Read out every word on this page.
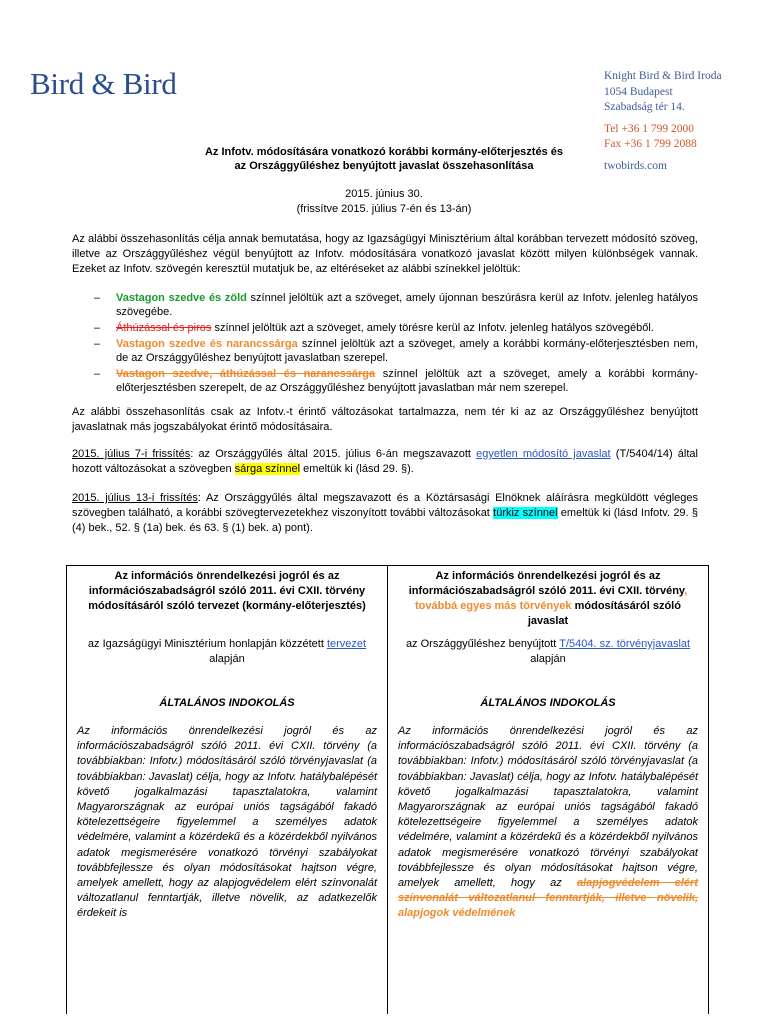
Bird & Bird	Knight Bird & Bird Iroda
1054 Budapest
Szabadság tér 14.
Tel +36 1 799 2000
Fax +36 1 799 2088
twobirds.com
Az Infotv. módosítására vonatkozó korábbi kormány-előterjesztés és
az Országgyűléshez benyújtott javaslat összehasonlítása
2015. június 30.
(frissítve 2015. július 7-én és 13-án)
Az alábbi összehasonlítás célja annak bemutatása, hogy az Igazságügyi Minisztérium által korábban tervezett módosító szöveg, illetve az Országgyűléshez végül benyújtott az Infotv. módosítására vonatkozó javaslat között milyen különbségek vannak. Ezeket az Infotv. szövegén keresztül mutatjuk be, az eltéréseket az alábbi színekkel jelöltük:
– Vastagon szedve és zöld színnel jelöltük azt a szöveget, amely újonnan beszúrásra kerül az Infotv. jelenleg hatályos szövegébe.
– Áthúzással és piros színnel jelöltük azt a szöveget, amely törésre kerül az Infotv. jelenleg hatályos szövegéből.
– Vastagon szedve és narancssárga színnel jelöltük azt a szöveget, amely a korábbi kormány-előterjesztésben nem, de az Országgyűléshez benyújtott javaslatban szerepel.
– Vastagon szedve, áthúzással és narancssárga színnel jelöltük azt a szöveget, amely a korábbi kormány-előterjesztésben szerepelt, de az Országgyűléshez benyújtott javaslatban már nem szerepel.
Az alábbi összehasonlítás csak az Infotv.-t érintő változásokat tartalmazza, nem tér ki az az Országgyűléshez benyújtott javaslatnak más jogszabályokat érintő módosításaira.
2015. július 7-i frissítés: az Országgyűlés által 2015. július 6-án megszavazott egyetlen módosító javaslat (T/5404/14) által hozott változásokat a szövegben sárga színnel emeltük ki (lásd 29. §).
2015. július 13-i frissítés: Az Országgyűlés által megszavazott és a Köztársasági Elnöknek aláírásra megküldött végleges szövegben található, a korábbi szövegtervezetekhez viszonyított további változásokat türkiz színnel emeltük ki (lásd Infotv. 29. § (4) bek., 52. § (1a) bek. és 63. § (1) bek. a) pont).
Az információs önrendelkezési jogról és az információszabadságról szóló 2011. évi CXII. törvény módosításáról szóló tervezet (kormány-előterjesztés)
az Igazságügyi Minisztérium honlapján közzétett tervezet
alapján
ÁLTALÁNOS INDOKOLÁS
Az információs önrendelkezési jogról és az információszabadságról szóló 2011. évi CXII. törvény (a továbbiakban: Infotv.) módosításáról szóló törvényjavaslat (a továbbiakban: Javaslat) célja, hogy az Infotv. hatálybalépését követő jogalkalmazási tapasztalatokra, valamint Magyarországnak az európai uniós tagságából fakadó kötelezettségeire figyelemmel a személyes adatok védelmére, valamint a közérdekű és a közérdekből nyilvános adatok megismerésére vonatkozó törvényi szabályokat továbbfejlessze és olyan módosításokat hajtson végre, amelyek amellett, hogy az alapjogvédelem elért színvonalát változatlanul fenntartják, illetve növelik, az adatkezelők érdekeit is
Az információs önrendelkezési jogról és az információszabadságról szóló 2011. évi CXII. törvény, továbbá egyes más törvények módosításáról szóló javaslat
az Országgyűléshez benyújtott T/5404. sz. törvényjavaslat
alapján
ÁLTALÁNOS INDOKOLÁS
Az információs önrendelkezési jogról és az információszabadságról szóló 2011. évi CXII. törvény (a továbbiakban: Infotv.) módosításáról szóló törvényjavaslat (a továbbiakban: Javaslat) célja, hogy az Infotv. hatálybalépését követő jogalkalmazási tapasztalatokra, valamint Magyarországnak az európai uniós tagságából fakadó kötelezettségeire figyelemmel a személyes adatok védelmére, valamint a közérdekű és a közérdekből nyilvános adatok megismerésére vonatkozó törvényi szabályokat továbbfejlessze és olyan módosításokat hajtson végre, amelyek amellett, hogy az alapjogvédelem elért színvonalát változatlanul fenntartják, illetve növelik, alapjogok védelmének
